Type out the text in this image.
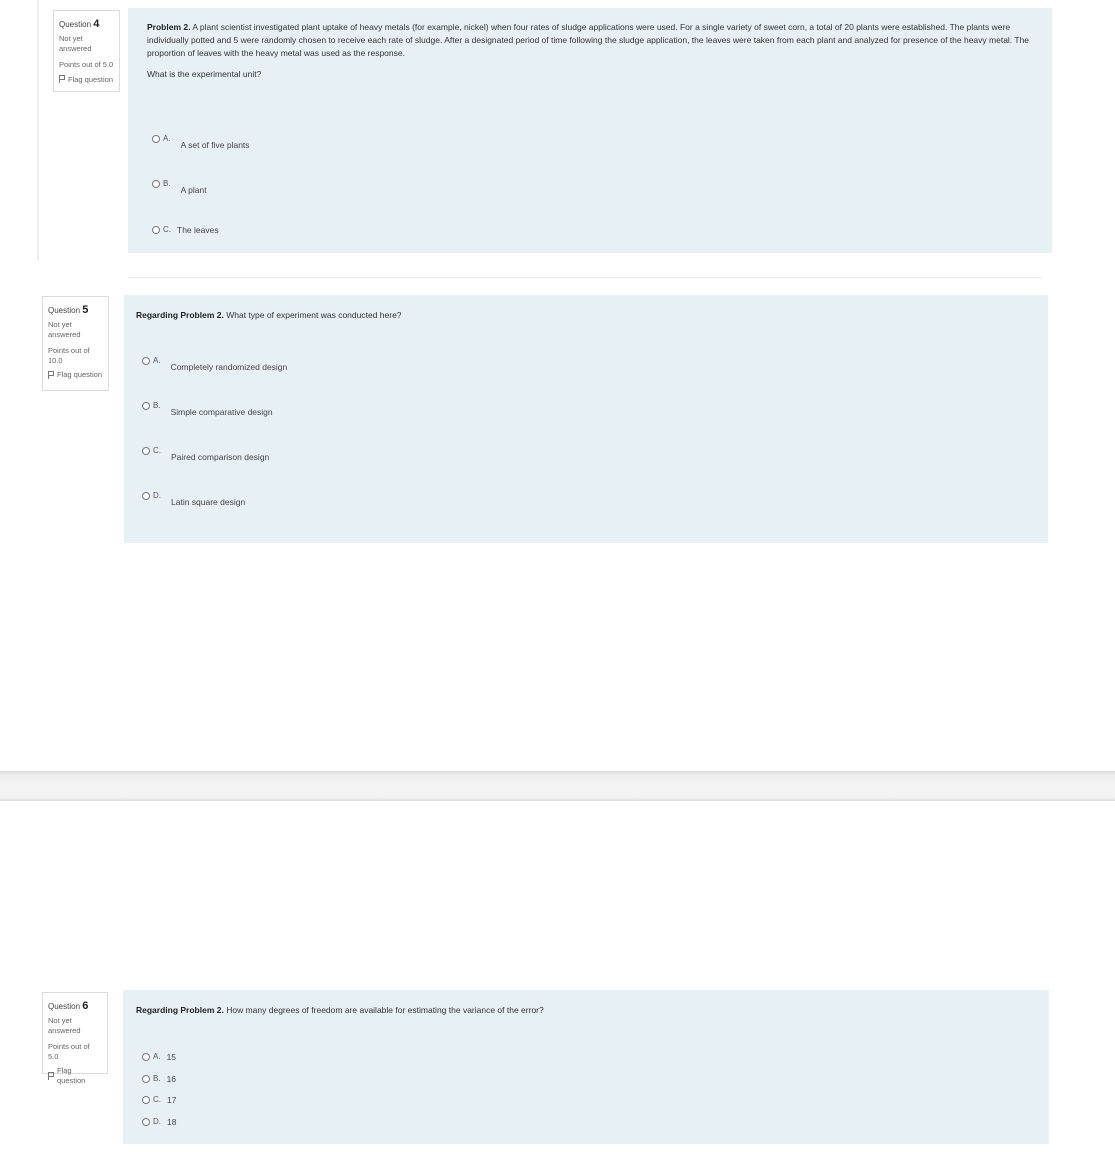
Question 4
Not yet answered
Points out of 5.0
Flag question
Problem 2. A plant scientist investigated plant uptake of heavy metals (for example, nickel) when four rates of sludge applications were used. For a single variety of sweet corn, a total of 20 plants were established. The plants were individually potted and 5 were randomly chosen to receive each rate of sludge. After a designated period of time following the sludge application, the leaves were taken from each plant and analyzed for presence of the heavy metal. The proportion of leaves with the heavy metal was used as the response.
What is the experimental unit?
A.
A set of five plants
B.
A plant
C. The leaves
Question 5
Not yet answered
Points out of 10.0
Flag question
Regarding Problem 2. What type of experiment was conducted here?
A.
Completely randomized design
B.
Simple comparative design
C.
Paired comparison design
D.
Latin square design
Question 6
Not yet answered
Points out of 5.0
Flag question
Regarding Problem 2. How many degrees of freedom are available for estimating the variance of the error?
A. 15
B. 16
C. 17
D. 18
